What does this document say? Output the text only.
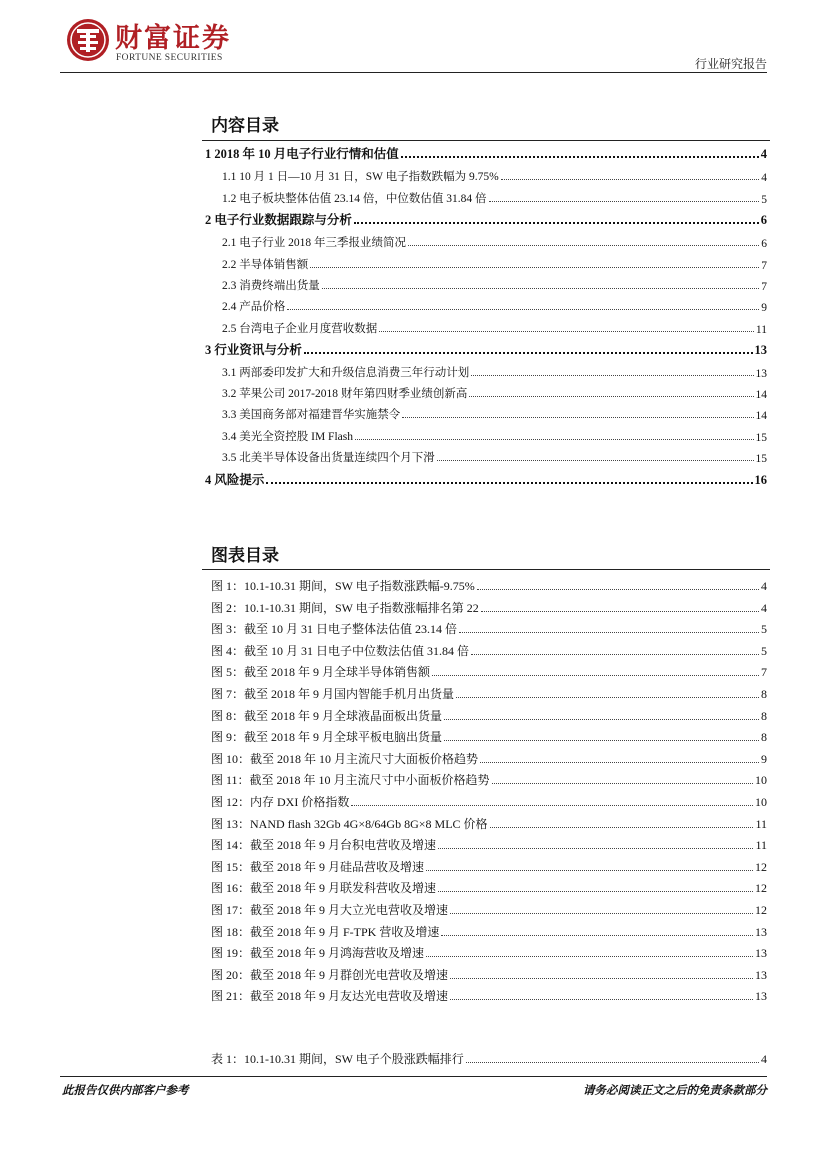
财富证券
FORTUNE SECURITIES	行业研究报告
内容目录
1 2018 年 10 月电子行业行情和估值	4
1.1 10 月 1 日—10 月 31 日，SW 电子指数跌幅为 9.75%	4
1.2 电子板块整体估值 23.14 倍，中位数估值 31.84 倍	5
2 电子行业数据跟踪与分析	6
2.1 电子行业 2018 年三季报业绩简况	6
2.2 半导体销售额	7
2.3 消费终端出货量	7
2.4 产品价格	9
2.5 台湾电子企业月度营收数据	11
3 行业资讯与分析	13
3.1 两部委印发扩大和升级信息消费三年行动计划	13
3.2 苹果公司 2017-2018 财年第四财季业绩创新高	14
3.3 美国商务部对福建晋华实施禁令	14
3.4 美光全资控股 IM Flash	15
3.5 北美半导体设备出货量连续四个月下滑	15
4 风险提示	16
图表目录
图 1：10.1-10.31 期间，SW 电子指数涨跌幅-9.75%	4
图 2：10.1-10.31 期间，SW 电子指数涨幅排名第 22	4
图 3：截至 10 月 31 日电子整体法估值 23.14 倍	5
图 4：截至 10 月 31 日电子中位数法估值 31.84 倍	5
图 5：截至 2018 年 9 月全球半导体销售额	7
图 7：截至 2018 年 9 月国内智能手机月出货量	8
图 8：截至 2018 年 9 月全球液晶面板出货量	8
图 9：截至 2018 年 9 月全球平板电脑出货量	8
图 10：截至 2018 年 10 月主流尺寸大面板价格趋势	9
图 11：截至 2018 年 10 月主流尺寸中小面板价格趋势	10
图 12：内存 DXI 价格指数	10
图 13：NAND flash 32Gb 4G×8/64Gb 8G×8 MLC 价格	11
图 14：截至 2018 年 9 月台积电营收及增速	11
图 15：截至 2018 年 9 月硅品营收及增速	12
图 16：截至 2018 年 9 月联发科营收及增速	12
图 17：截至 2018 年 9 月大立光电营收及增速	12
图 18：截至 2018 年 9 月 F-TPK 营收及增速	13
图 19：截至 2018 年 9 月鸿海营收及增速	13
图 20：截至 2018 年 9 月群创光电营收及增速	13
图 21：截至 2018 年 9 月友达光电营收及增速	13
表 1：10.1-10.31 期间，SW 电子个股涨跌幅排行	4
此报告仅供内部客户参考	请务必阅读正文之后的免责条款部分
